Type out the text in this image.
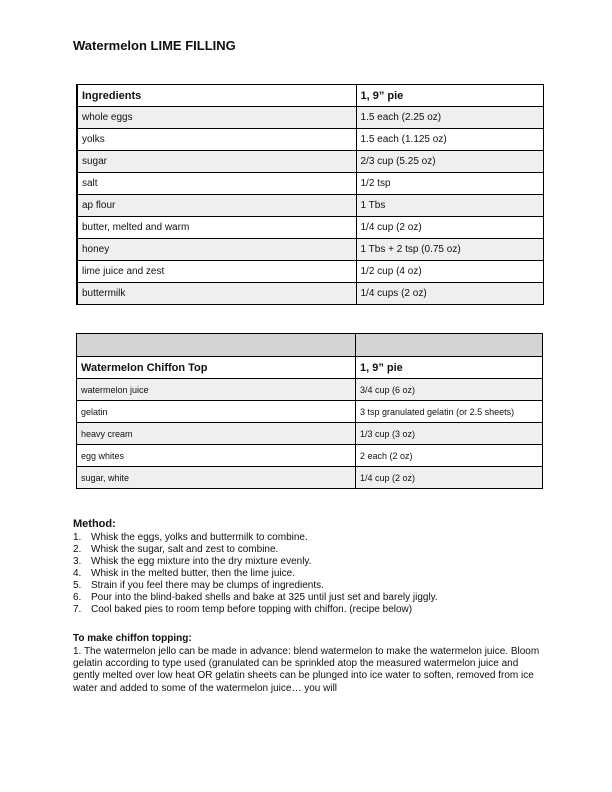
Watermelon LIME FILLING
Ingredients	1, 9” pie
whole eggs	1.5 each (2.25 oz)
yolks	1.5 each (1.125 oz)
sugar	2/3 cup (5.25 oz)
salt	1/2 tsp
ap flour	1 Tbs
butter, melted and warm	1/4 cup (2 oz)
honey	1 Tbs + 2 tsp (0.75 oz)
lime juice and zest	1/2 cup (4 oz)
buttermilk	1/4 cups (2 oz)

Watermelon Chiffon Top	1, 9” pie
watermelon juice	3/4 cup (6 oz)
gelatin	3 tsp granulated gelatin (or 2.5 sheets)
heavy cream	1/3 cup (3 oz)
egg whites	2 each (2 oz)
sugar, white	1/4 cup (2 oz)
Method:
1. Whisk the eggs, yolks and buttermilk to combine.
2. Whisk the sugar, salt and zest to combine.
3. Whisk the egg mixture into the dry mixture evenly.
4. Whisk in the melted butter, then the lime juice.
5. Strain if you feel there may be clumps of ingredients.
6. Pour into the blind-baked shells and bake at 325 until just set and barely jiggly.
7. Cool baked pies to room temp before topping with chiffon. (recipe below)
To make chiffon topping:
1. The watermelon jello can be made in advance: blend watermelon to make the watermelon juice. Bloom gelatin according to type used (granulated can be sprinkled atop the measured watermelon juice and gently melted over low heat OR gelatin sheets can be plunged into ice water to soften, removed from ice water and added to some of the watermelon juice… you will
